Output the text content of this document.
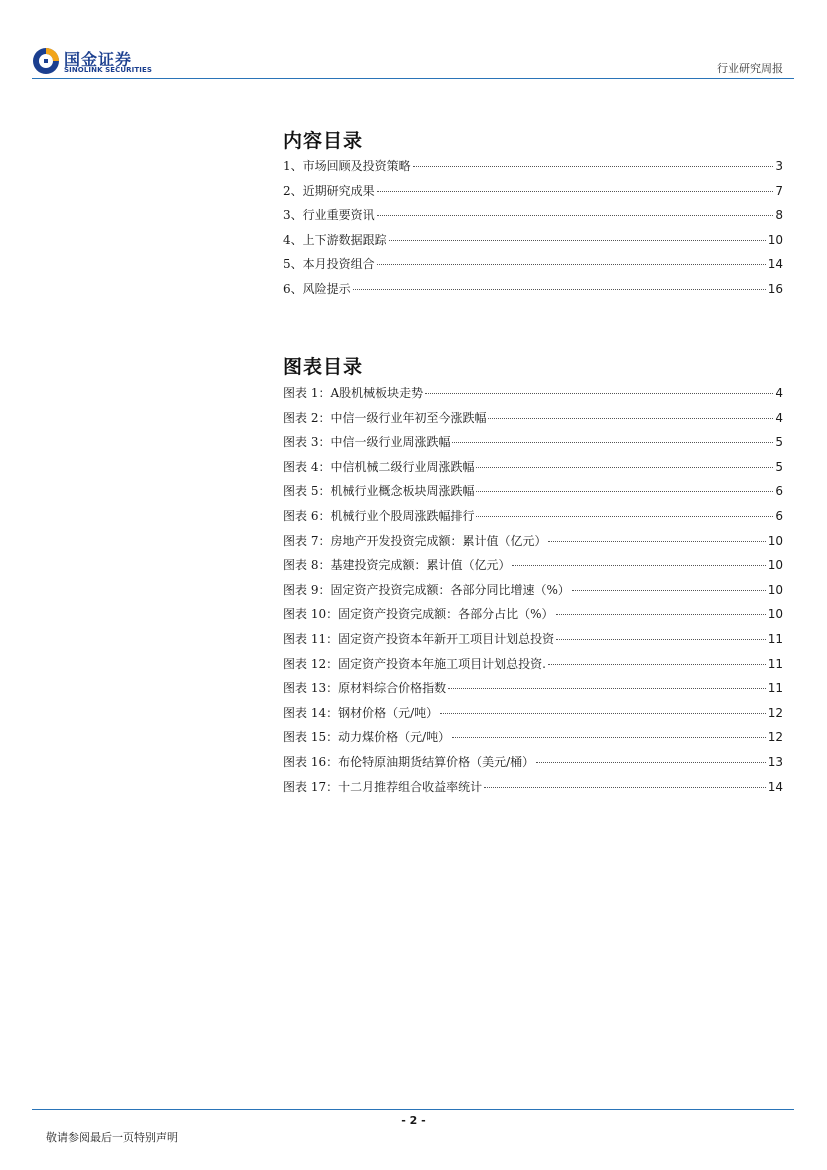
国金证券
SINOLINK SECURITIES	行业研究周报
内容目录
1、市场回顾及投资策略	3
2、近期研究成果	7
3、行业重要资讯	8
4、上下游数据跟踪	10
5、本月投资组合	14
6、风险提示	16
图表目录
图表 1：A股机械板块走势	4
图表 2：中信一级行业年初至今涨跌幅	4
图表 3：中信一级行业周涨跌幅	5
图表 4：中信机械二级行业周涨跌幅	5
图表 5：机械行业概念板块周涨跌幅	6
图表 6：机械行业个股周涨跌幅排行	6
图表 7：房地产开发投资完成额：累计值（亿元）	10
图表 8：基建投资完成额：累计值（亿元）	10
图表 9：固定资产投资完成额：各部分同比增速（%）	10
图表 10：固定资产投资完成额：各部分占比（%）	10
图表 11：固定资产投资本年新开工项目计划总投资	11
图表 12：固定资产投资本年施工项目计划总投资.	11
图表 13：原材料综合价格指数	11
图表 14：钢材价格（元/吨）	12
图表 15：动力煤价格（元/吨）	12
图表 16：布伦特原油期货结算价格（美元/桶）	13
图表 17：十二月推荐组合收益率统计	14
- 2 -
敬请参阅最后一页特别声明
